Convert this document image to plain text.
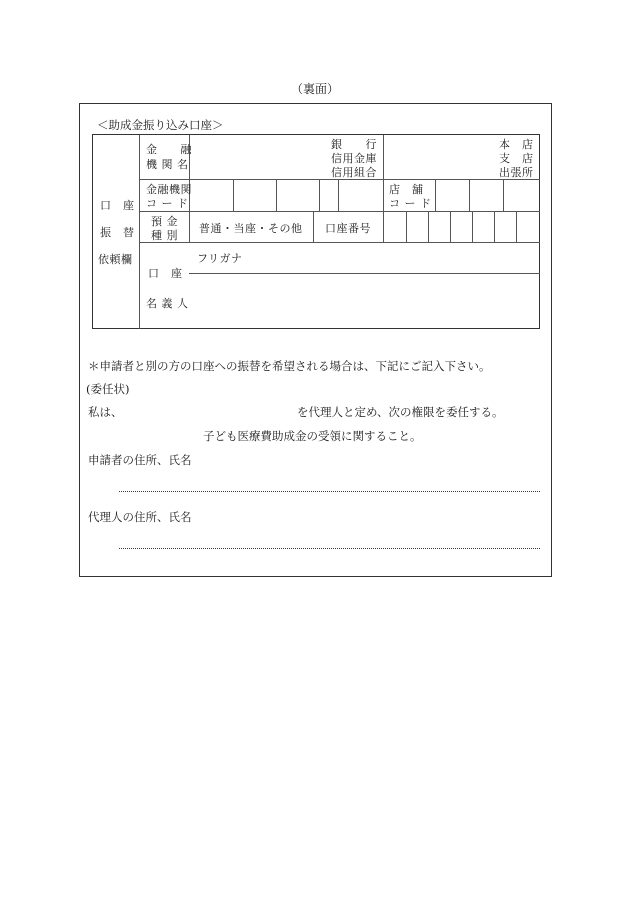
（裏面）
＜助成金振り込み口座＞
口　座
振　替
依頼欄
金　　融
機 関 名
銀　　行
信用金庫
信用組合
本　店
支　店
出張所
金融機関
コ ー ド
店　舗
コ ー ド
預 金
種 別
普通・当座・その他 口座番号
口　座
名 義 人
フリガナ
＊申請者と別の方の口座への振替を希望される場合は、下記にご記入下さい。
(委任状)
私は、	を代理人と定め、次の権限を委任する。
子ども医療費助成金の受領に関すること。
申請者の住所、氏名
代理人の住所、氏名
